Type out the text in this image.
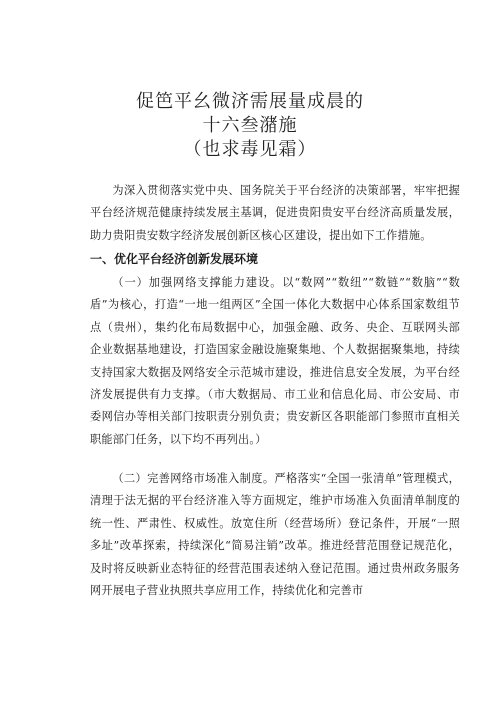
促笆平幺微济需展量成晨的
十六叁潴施
（也求毒见霜）

为深入贯彻落实党中央、国务院关于平台经济的决策部署，牢牢把握平台经济规范健康持续发展主基调，促进贵阳贵安平台经济高质量发展，助力贵阳贵安数字经济发展创新区核心区建设，提出如下工作措施。

一、优化平台经济创新发展环境

（一）加强网络支撑能力建设。以“数网”“数纽”“数链”“数脑”“数盾”为核心，打造“一地一组两区”全国一体化大数据中心体系国家数组节点（贵州），集约化布局数据中心，加强金融、政务、央企、互联网头部企业数据基地建设，打造国家金融设施聚集地、个人数据据聚集地，持续支持国家大数据及网络安全示范城市建设，推进信息安全发展，为平台经济发展提供有力支撑。（市大数据局、市工业和信息化局、市公安局、市委网信办等相关部门按职责分别负责；贵安新区各职能部门参照市直相关职能部门任务，以下均不再列出。）

（二）完善网络市场准入制度。严格落实“全国一张清单”管理模式，清理于法无据的平台经济准入等方面规定，维护市场准入负面清单制度的统一性、严肃性、权威性。放宽住所（经营场所）登记条件，开展“一照多址”改革探索，持续深化“简易注销”改革。推进经营范围登记规范化，及时将反映新业态特征的经营范围表述纳入登记范围。通过贵州政务服务网开展电子营业执照共享应用工作，持续优化和完善市
